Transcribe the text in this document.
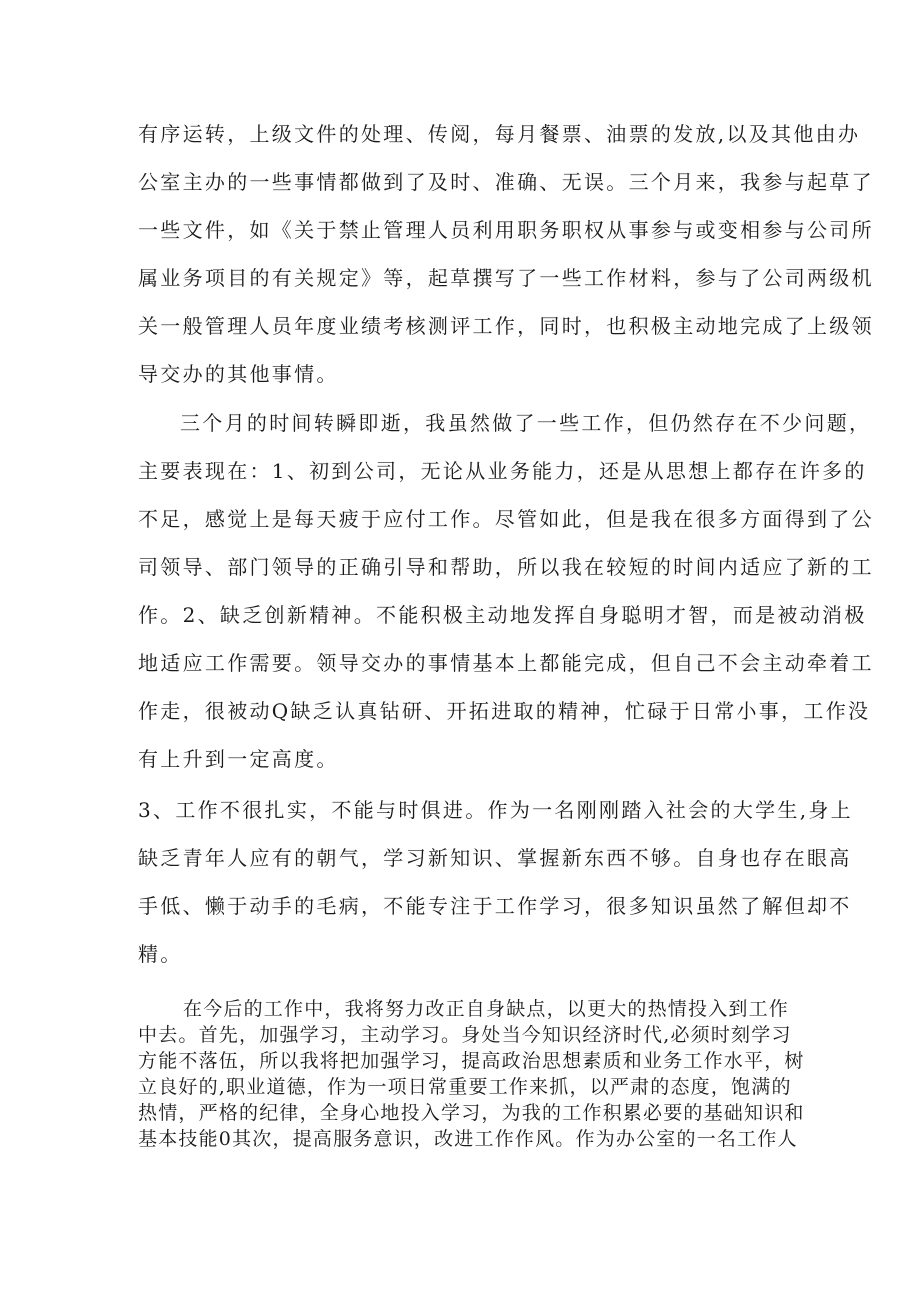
有序运转，上级文件的处理、传阅，每月餐票、油票的发放,以及其他由办

公室主办的一些事情都做到了及时、准确、无误。三个月来，我参与起草了

一些文件，如《关于禁止管理人员利用职务职权从事参与或变相参与公司所

属业务项目的有关规定》等，起草撰写了一些工作材料，参与了公司两级机

关一般管理人员年度业绩考核测评工作，同时，也积极主动地完成了上级领

导交办的其他事情。

三个月的时间转瞬即逝，我虽然做了一些工作，但仍然存在不少问题，

主要表现在：1、初到公司，无论从业务能力，还是从思想上都存在许多的

不足，感觉上是每天疲于应付工作。尽管如此，但是我在很多方面得到了公

司领导、部门领导的正确引导和帮助，所以我在较短的时间内适应了新的工

作。2、缺乏创新精神。不能积极主动地发挥自身聪明才智，而是被动消极

地适应工作需要。领导交办的事情基本上都能完成，但自己不会主动牵着工

作走，很被动Q缺乏认真钻研、开拓进取的精神，忙碌于日常小事，工作没

有上升到一定高度。

3、工作不很扎实，不能与时俱进。作为一名刚刚踏入社会的大学生,身上

缺乏青年人应有的朝气，学习新知识、掌握新东西不够。自身也存在眼高

手低、懒于动手的毛病，不能专注于工作学习，很多知识虽然了解但却不

精。

在今后的工作中，我将努力改正自身缺点，以更大的热情投入到工作

中去。首先，加强学习，主动学习。身处当今知识经济时代,必须时刻学习

方能不落伍，所以我将把加强学习，提高政治思想素质和业务工作水平，树

立良好的,职业道德，作为一项日常重要工作来抓，以严肃的态度，饱满的

热情，严格的纪律，全身心地投入学习，为我的工作积累必要的基础知识和

基本技能0其次，提高服务意识，改进工作作风。作为办公室的一名工作人
